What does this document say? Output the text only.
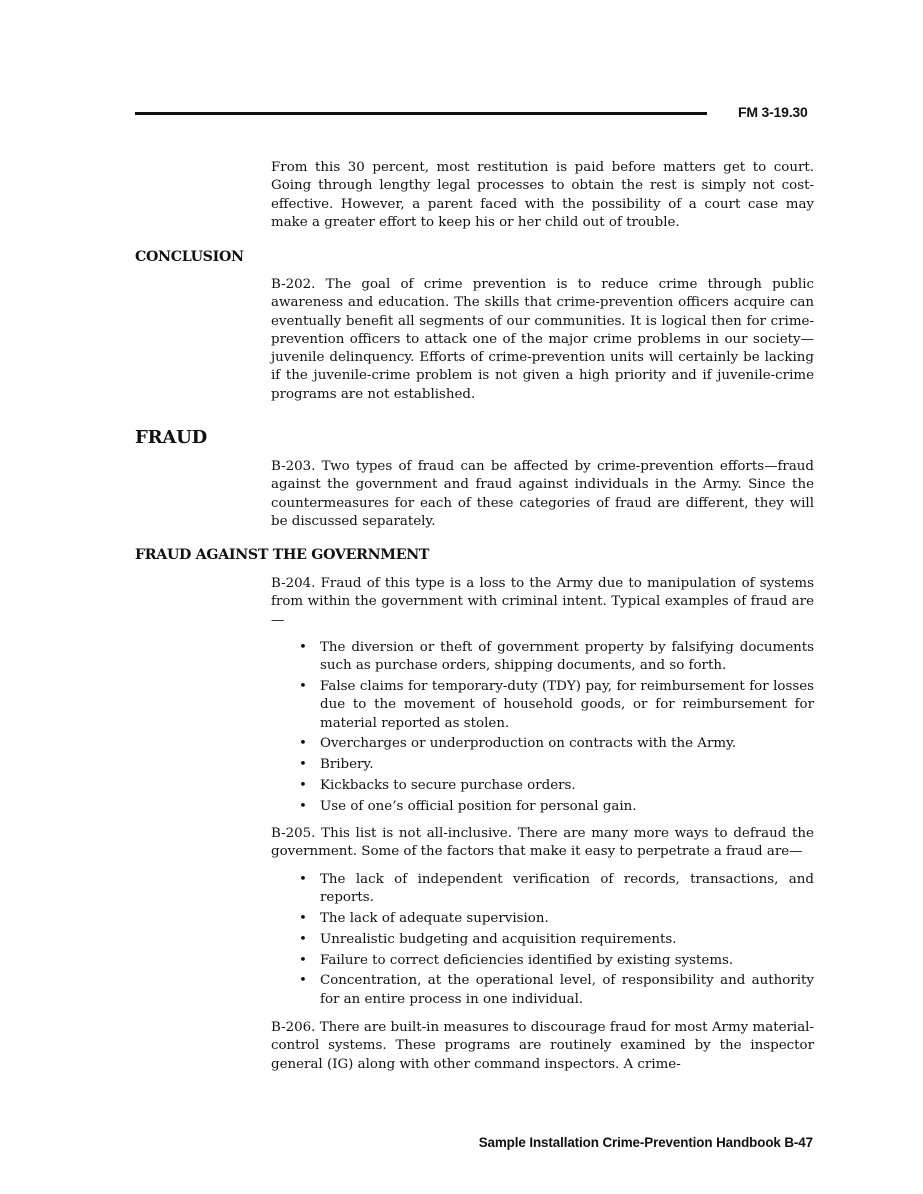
FM 3-19.30

From this 30 percent, most restitution is paid before matters get to court. Going through lengthy legal processes to obtain the rest is simply not cost-effective. However, a parent faced with the possibility of a court case may make a greater effort to keep his or her child out of trouble.

CONCLUSION

B-202. The goal of crime prevention is to reduce crime through public awareness and education. The skills that crime-prevention officers acquire can eventually benefit all segments of our communities. It is logical then for crime-prevention officers to attack one of the major crime problems in our society—juvenile delinquency. Efforts of crime-prevention units will certainly be lacking if the juvenile-crime problem is not given a high priority and if juvenile-crime programs are not established.

FRAUD

B-203. Two types of fraud can be affected by crime-prevention efforts—fraud against the government and fraud against individuals in the Army. Since the countermeasures for each of these categories of fraud are different, they will be discussed separately.

FRAUD AGAINST THE GOVERNMENT

B-204. Fraud of this type is a loss to the Army due to manipulation of systems from within the government with criminal intent. Typical examples of fraud are—

• The diversion or theft of government property by falsifying documents such as purchase orders, shipping documents, and so forth.
• False claims for temporary-duty (TDY) pay, for reimbursement for losses due to the movement of household goods, or for reimbursement for material reported as stolen.
• Overcharges or underproduction on contracts with the Army.
• Bribery.
• Kickbacks to secure purchase orders.
• Use of one’s official position for personal gain.

B-205. This list is not all-inclusive. There are many more ways to defraud the government. Some of the factors that make it easy to perpetrate a fraud are—

• The lack of independent verification of records, transactions, and reports.
• The lack of adequate supervision.
• Unrealistic budgeting and acquisition requirements.
• Failure to correct deficiencies identified by existing systems.
• Concentration, at the operational level, of responsibility and authority for an entire process in one individual.

B-206. There are built-in measures to discourage fraud for most Army material-control systems. These programs are routinely examined by the inspector general (IG) along with other command inspectors. A crime-

Sample Installation Crime-Prevention Handbook B-47
